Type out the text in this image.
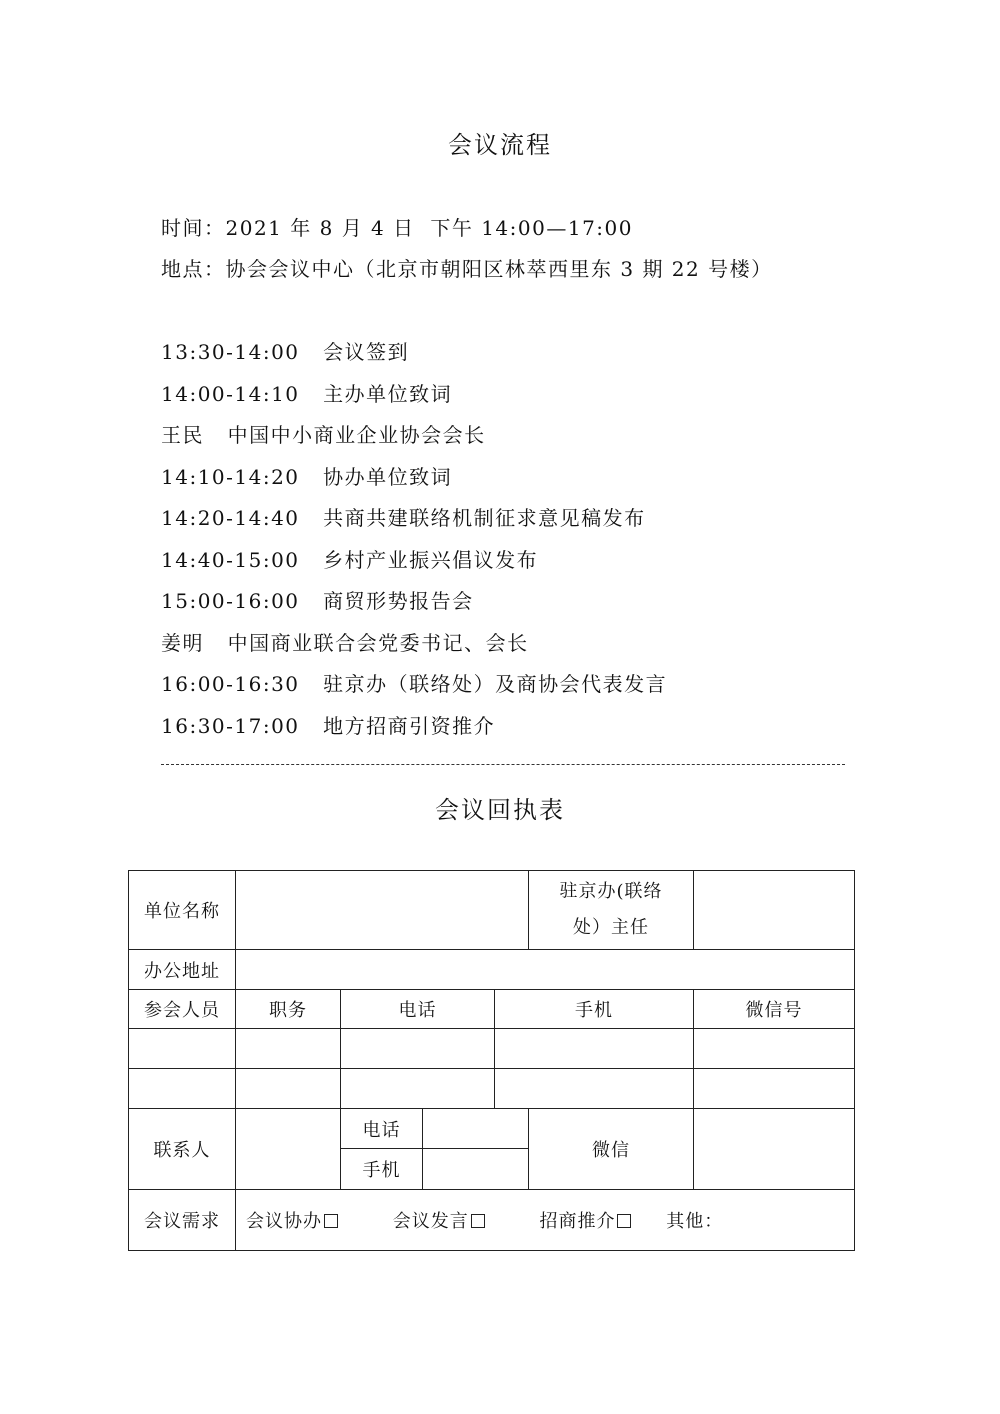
会议流程
时间：2021 年 8 月 4 日  下午 14:00—17:00
地点：协会会议中心（北京市朝阳区林萃西里东 3 期 22 号楼）
13:30-14:00   会议签到
14:00-14:10   主办单位致词
王民   中国中小商业企业协会会长
14:10-14:20   协办单位致词
14:20-14:40   共商共建联络机制征求意见稿发布
14:40-15:00   乡村产业振兴倡议发布
15:00-16:00   商贸形势报告会
姜明   中国商业联合会党委书记、会长
16:00-16:30   驻京办（联络处）及商协会代表发言
16:30-17:00   地方招商引资推介
会议回执表
单位名称					驻京办(联络
处）主任	

办公地址						
参会人员	职务	电话		手机		微信号

联系人		电话			微信	
		手机				
会议需求	会议协办 会议发言 招商推介 其他：					
